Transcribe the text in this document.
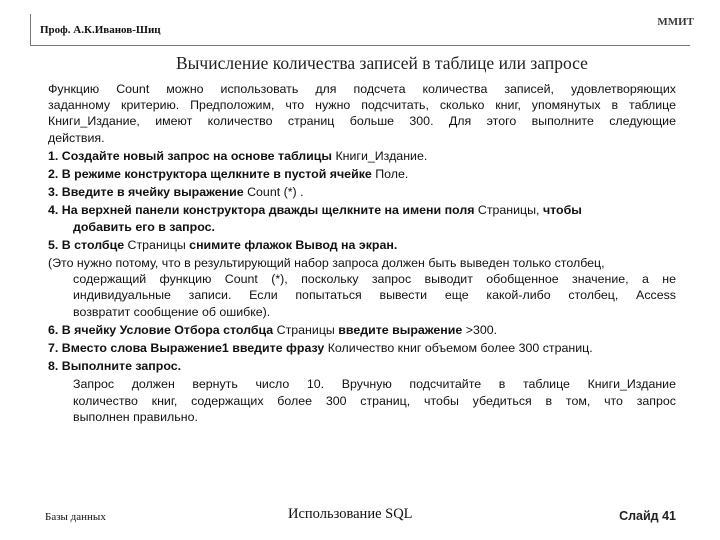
Проф. А.К.Иванов-Шиц
ММИТ
Вычисление количества записей в таблице или запросе

Функцию Count можно использовать для подсчета количества записей, удовлетворяющих

заданному критерию. Предположим, что нужно подсчитать, сколько книг, упомянутых в таблице

Книги_Издание, имеют количество страниц больше 300. Для этого выполните следующие

действия.

1. Создайте новый запрос на основе таблицы Книги_Издание.

2. В режиме конструктора щелкните в пустой ячейке Поле.

3. Введите в ячейку выражение Count (*) .

4. На верхней панели конструктора дважды щелкните на имени поля Страницы, чтобы

добавить его в запрос.

5. В столбце Страницы снимите флажок Вывод на экран.

(Это нужно потому, что в результирующий набор запроса должен быть выведен только столбец,

содержащий функцию Count (*), поскольку запрос выводит обобщенное значение, а не

индивидуальные записи. Если попытаться вывести еще какой-либо столбец, Access

возвратит сообщение об ошибке).

6. В ячейку Условие Отбора столбца Страницы введите выражение >300.

7. Вместо слова Выражение1 введите фразу Количество книг объемом более 300 страниц.

8. Выполните запрос.

Запрос должен вернуть число 10. Вручную подсчитайте в таблице Книги_Издание

количество книг, содержащих более 300 страниц, чтобы убедиться в том, что запрос

выполнен правильно.

Базы данных	Использование SQL	Слайд 41
